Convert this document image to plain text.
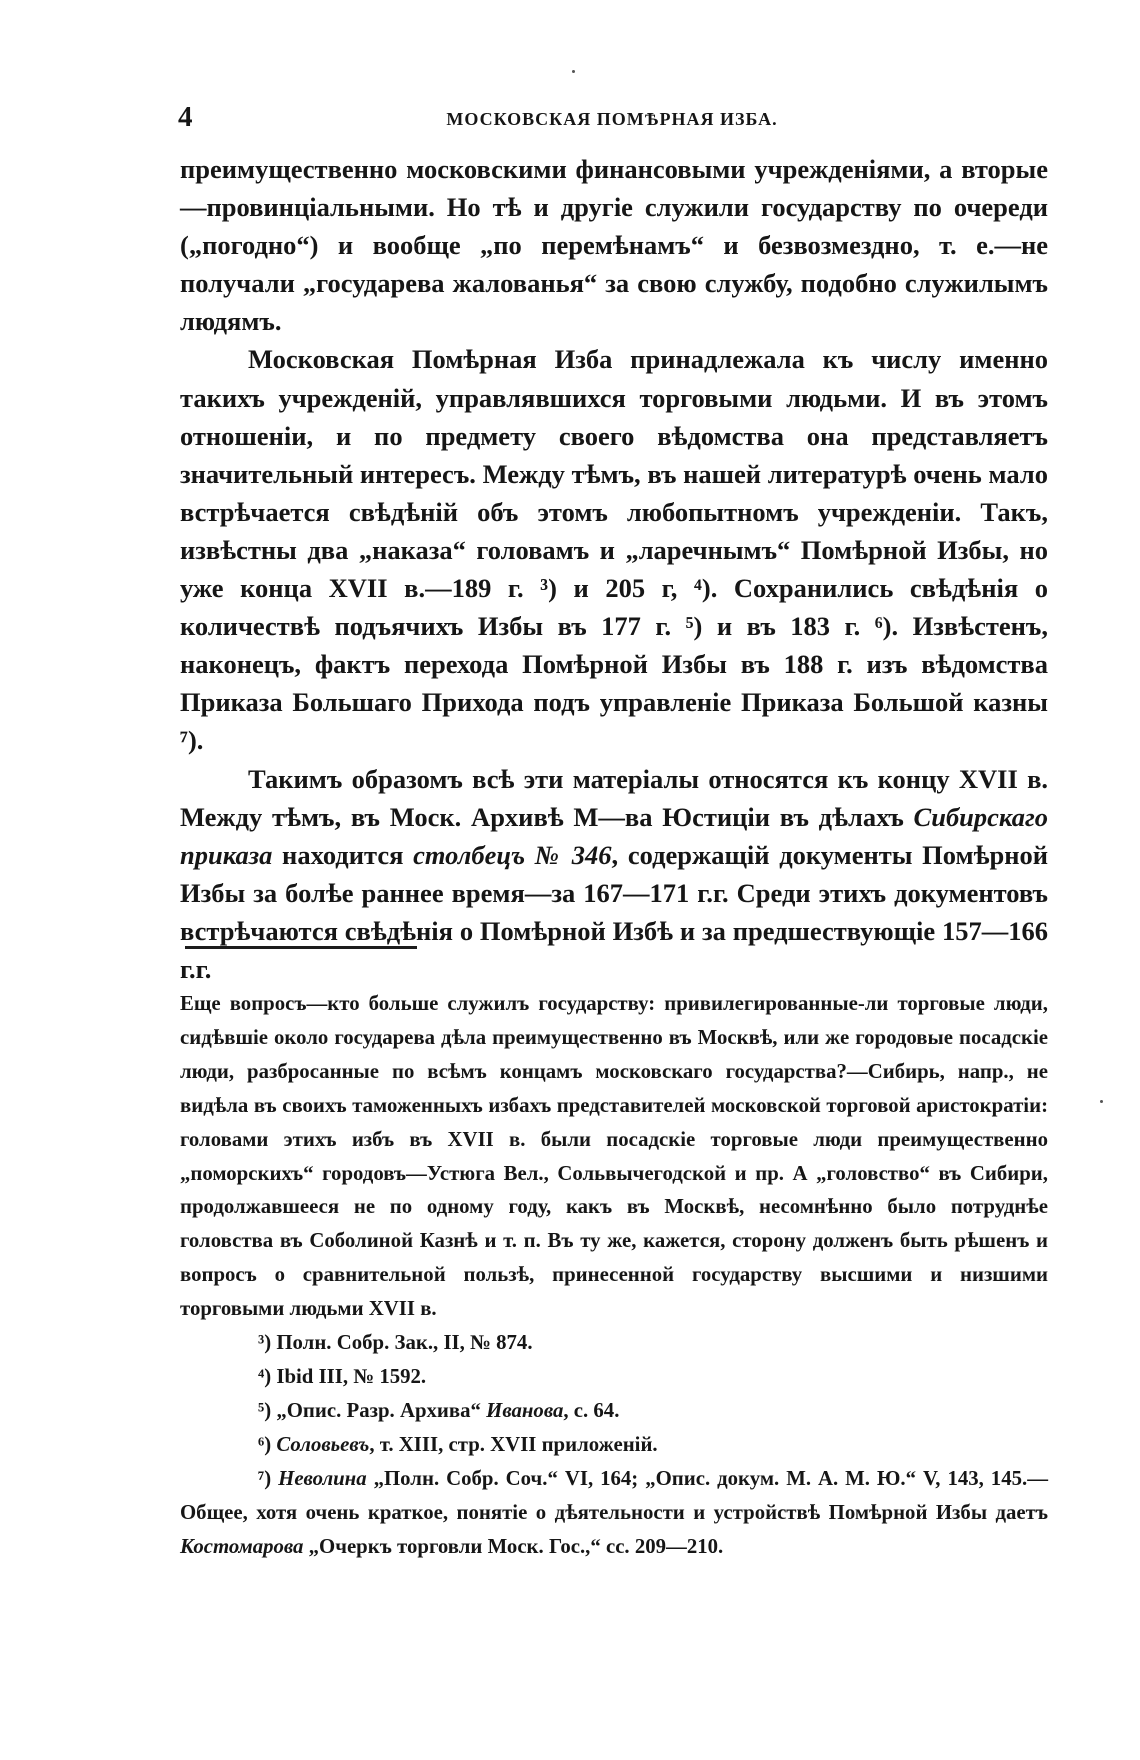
4	МОСКОВСКАЯ ПОМѢРНАЯ ИЗБА.

преимущественно московскими финансовыми учрежденіями, а вторые—провинціальными. Но тѣ и другіе служили государству по очереди („погодно“) и вообще „по перемѣнамъ“ и безвозмездно, т. е.—не получали „государева жалованья“ за свою службу, подобно служилымъ людямъ.

Московская Помѣрная Изба принадлежала къ числу именно такихъ учрежденій, управлявшихся торговыми людьми. И въ этомъ отношеніи, и по предмету своего вѣдомства она представляетъ значительный интересъ. Между тѣмъ, въ нашей литературѣ очень мало встрѣчается свѣдѣній объ этомъ любопытномъ учрежденіи. Такъ, извѣстны два „наказа“ головамъ и „ларечнымъ“ Помѣрной Избы, но уже конца XVII в.—189 г. ³) и 205 г, ⁴). Сохранились свѣдѣнія о количествѣ подъячихъ Избы въ 177 г. ⁵) и въ 183 г. ⁶). Извѣстенъ, наконецъ, фактъ перехода Помѣрной Избы въ 188 г. изъ вѣдомства Приказа Большаго Прихода подъ управленіе Приказа Большой казны ⁷).

Такимъ образомъ всѣ эти матеріалы относятся къ концу XVII в. Между тѣмъ, въ Моск. Архивѣ М—ва Юстиціи въ дѣлахъ Сибирскаго приказа находится столбецъ № 346, содержащій документы Помѣрной Избы за болѣе раннее время—за 167—171 г.г. Среди этихъ документовъ встрѣчаются свѣдѣнія о Помѣрной Избѣ и за предшествующіе 157—166 г.г.

Еще вопросъ—кто больше служилъ государству: привилегированные-ли торговые люди, сидѣвшіе около государева дѣла преимущественно въ Москвѣ, или же городовые посадскіе люди, разбросанные по всѣмъ концамъ московскаго государства?—Сибирь, напр., не видѣла въ своихъ таможенныхъ избахъ представителей московской торговой аристократіи: головами этихъ избъ въ XVII в. были посадскіе торговые люди преимущественно „поморскихъ“ городовъ—Устюга Вел., Сольвычегодской и пр. А „головство“ въ Сибири, продолжавшееся не по одному году, какъ въ Москвѣ, несомнѣнно было потруднѣе головства въ Соболиной Казнѣ и т. п. Въ ту же, кажется, сторону долженъ быть рѣшенъ и вопросъ о сравнительной пользѣ, принесенной государству высшими и низшими торговыми людьми XVII в.

³) Полн. Собр. Зак., II, № 874.

⁴) Ibid III, № 1592.

⁵) „Опис. Разр. Архива“ Иванова, с. 64.

⁶) Соловьевъ, т. XIII, стр. XVII приложеній.

⁷) Неволина „Полн. Собр. Соч.“ VI, 164; „Опис. докум. М. А. М. Ю.“ V, 143, 145.—Общее, хотя очень краткое, понятіе о дѣятельности и устройствѣ Помѣрной Избы даетъ Костомарова „Очеркъ торговли Моск. Гос.,“ сс. 209—210.
